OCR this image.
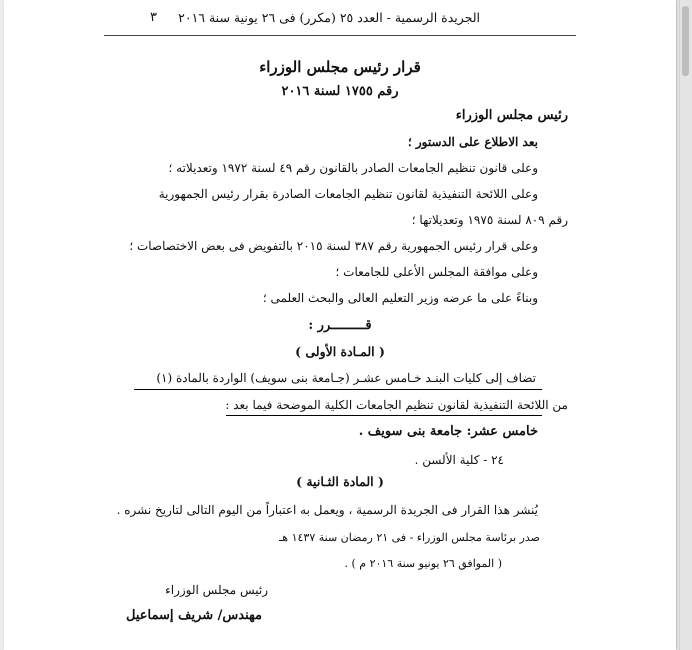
الجريدة الرسمية - العدد ٢٥ (مكرر) فى ٢٦ يونية سنة ٢٠١٦
٣
قرار رئيس مجلس الوزراء
رقم ١٧٥٥ لسنة ٢٠١٦
رئيس مجلس الوزراء
بعد الاطلاع على الدستور ؛
وعلى قانون تنظيم الجامعات الصادر بالقانون رقم ٤٩ لسنة ١٩٧٢ وتعديلاته ؛
وعلى اللائحة التنفيذية لقانون تنظيم الجامعات الصادرة بقرار رئيس الجمهورية
رقم ٨٠٩ لسنة ١٩٧٥ وتعديلاتها ؛
وعلى قرار رئيس الجمهورية رقم ٣٨٧ لسنة ٢٠١٥ بالتفويض فى بعض الاختصاصات ؛
وعلى موافقة المجلس الأعلى للجامعات ؛
وبناءً على ما عرضه وزير التعليم العالى والبحث العلمى ؛
قـــــــــرر :
( المـادة الأولى )
تضاف إلى كليات البنـد خـامس عشـر (جـامعة بنى سويف) الواردة بالمادة (١)
من اللائحة التنفيذية لقانون تنظيم الجامعات الكلية الموضحة فيما بعد :
خامس عشر: جامعة بنى سويف .
٢٤ - كلية الألسن .
( المادة الثـانية )
يُنشر هذا القرار فى الجريدة الرسمية ، ويعمل به اعتباراً من اليوم التالى لتاريخ نشره .
صدر برئاسة مجلس الوزراء - فى ٢١ رمضان سنة ١٤٣٧ هـ
( الموافق ٢٦ يونيو سنة ٢٠١٦ م ) .
رئيس مجلس الوزراء
مهندس/ شريف إسماعيل
